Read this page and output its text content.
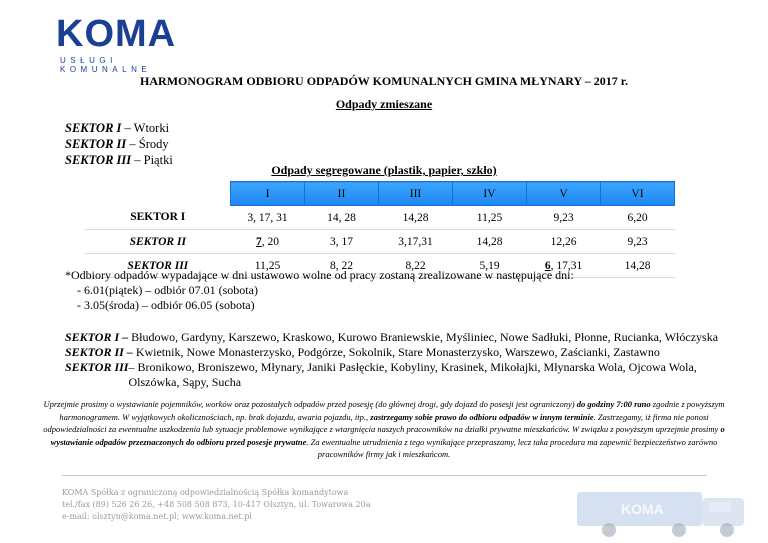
KOMA
USŁUGI KOMUNALNE
HARMONOGRAM ODBIORU ODPADÓW KOMUNALNYCH GMINA MŁYNARY – 2017 r.
Odpady zmieszane
SEKTOR I – Wtorki
SEKTOR II – Środy
SEKTOR III – Piątki
Odpady segregowane (plastik, papier, szkło)
	I	II	III	IV	V	VI
SEKTOR I	3, 17, 31	14, 28	14,28	11,25	9,23	6,20
SEKTOR II	7, 20	3, 17	3,17,31	14,28	12,26	9,23
SEKTOR III	11,25	8, 22	8,22	5,19	6, 17,31	14,28
*Odbiory odpadów wypadające w dni ustawowo wolne od pracy zostaną zrealizowane w następujące dni:
- 6.01(piątek) – odbiór 07.01 (sobota)
- 3.05(środa) – odbiór 06.05 (sobota)
SEKTOR I – Błudowo, Gardyny, Karszewo, Kraskowo, Kurowo Braniewskie, Myśliniec, Nowe Sadłuki, Płonne, Rucianka, Włóczyska
SEKTOR II – Kwietnik, Nowe Monasterzysko, Podgórze, Sokolnik, Stare Monasterzysko, Warszewo, Zaścianki, Zastawno
SEKTOR III – Bronikowo, Broniszewo, Młynary, Janiki Pasłęckie, Kobyliny, Krasinek, Mikołajki, Młynarska Wola, Ojcowa Wola, Olszówka, Sąpy, Sucha
Uprzejmie prosimy o wystawianie pojemników, worków oraz pozostałych odpadów przed posesję (do głównej drogi, gdy dojazd do posesji jest ograniczony) do godziny 7:00 rano zgodnie z powyższym harmonogramem. W wyjątkowych okolicznościach, np. brak dojazdu, awaria pojazdu, itp., zastrzegamy sobie prawo do odbioru odpadów w innym terminie. Zastrzegamy, iż firma nie ponosi odpowiedzialności za ewentualne uszkodzenia lub sytuacje problemowe wynikające z wtargnięcia naszych pracowników na działki prywatne mieszkańców. W związku z powyższym uprzejmie prosimy o wystawianie odpadów przeznaczonych do odbioru przed posesje prywatne. Za ewentualne utrudnienia z tego wynikające przepraszamy, lecz taka procedura ma zapewnić bezpieczeństwo zarówno pracowników firmy jak i mieszkańcom.
KOMA Spółka z ograniczoną odpowiedzialnością Spółka komandytowa
tel./fax (89) 526 26 26, +48 508 508 873, 10-417 Olsztyn, ul. Towarowa 20a
e-mail: olsztyn@koma.net.pl; www.koma.net.pl	KOMA
